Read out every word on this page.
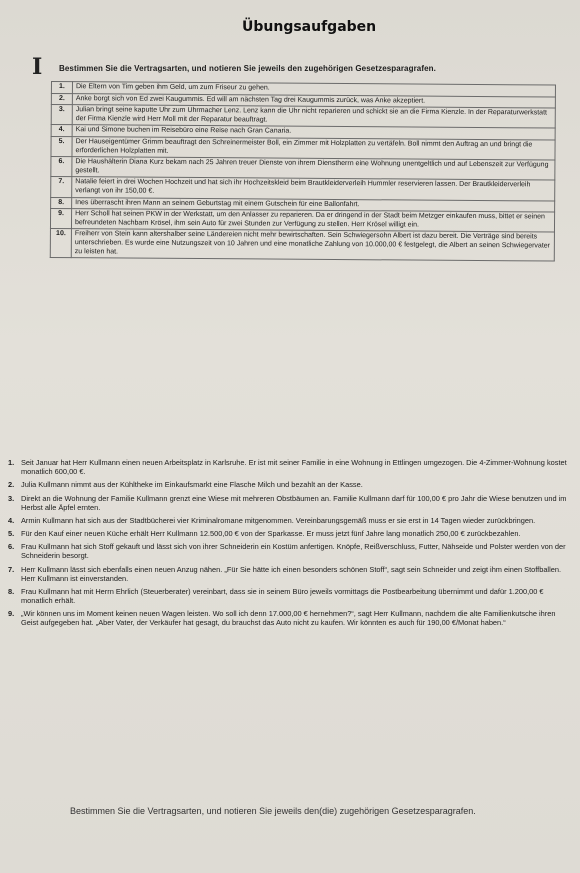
Übungsaufgaben
I Bestimmen Sie die Vertragsarten, und notieren Sie jeweils den zugehörigen Gesetzesparagrafen.
1.	Die Eltern von Tim geben ihm Geld, um zum Friseur zu gehen.
2.	Anke borgt sich von Ed zwei Kaugummis. Ed will am nächsten Tag drei Kaugummis zurück, was Anke akzeptiert.
3.	Julian bringt seine kaputte Uhr zum Uhrmacher Lenz. Lenz kann die Uhr nicht reparieren und schickt sie an die Firma Kienzle. In der Reparaturwerkstatt der Firma Kienzle wird Herr Moll mit der Reparatur beauftragt.
4.	Kai und Simone buchen im Reisebüro eine Reise nach Gran Canaria.
5.	Der Hauseigentümer Grimm beauftragt den Schreinermeister Boll, ein Zimmer mit Holzplatten zu vertäfeln. Boll nimmt den Auftrag an und bringt die erforderlichen Holzplatten mit.
6.	Die Haushälterin Diana Kurz bekam nach 25 Jahren treuer Dienste von ihrem Dienstherrn eine Wohnung unentgeltlich und auf Lebenszeit zur Verfügung gestellt.
7.	Natalie feiert in drei Wochen Hochzeit und hat sich ihr Hochzeitskleid beim Brautkleiderverleih Hummler reservieren lassen. Der Brautkleiderverleih verlangt von ihr 150,00 €.
8.	Ines überrascht ihren Mann an seinem Geburtstag mit einem Gutschein für eine Ballonfahrt.
9.	Herr Scholl hat seinen PKW in der Werkstatt, um den Anlasser zu reparieren. Da er dringend in der Stadt beim Metzger einkaufen muss, bittet er seinen befreundeten Nachbarn Krösel, ihm sein Auto für zwei Stunden zur Verfügung zu stellen. Herr Krösel willigt ein.
10.	Freiherr von Stein kann altershalber seine Ländereien nicht mehr bewirtschaften. Sein Schwiegersohn Albert ist dazu bereit. Die Verträge sind bereits unterschrieben. Es wurde eine Nutzungszeit von 10 Jahren und eine monatliche Zahlung von 10.000,00 € festgelegt, die Albert an seinen Schwiegervater zu leisten hat.
1. Seit Januar hat Herr Kullmann einen neuen Arbeitsplatz in Karlsruhe. Er ist mit seiner Familie in eine Wohnung in Ettlingen umgezogen. Die 4-Zimmer-Wohnung kostet monatlich 600,00 €.
2. Julia Kullmann nimmt aus der Kühltheke im Einkaufsmarkt eine Flasche Milch und bezahlt an der Kasse.
3. Direkt an die Wohnung der Familie Kullmann grenzt eine Wiese mit mehreren Obstbäumen an. Familie Kullmann darf für 100,00 € pro Jahr die Wiese benutzen und im Herbst alle Äpfel ernten.
4. Armin Kullmann hat sich aus der Stadtbücherei vier Kriminalromane mitgenommen. Vereinbarungsgemäß muss er sie erst in 14 Tagen wieder zurückbringen.
5. Für den Kauf einer neuen Küche erhält Herr Kullmann 12.500,00 € von der Sparkasse. Er muss jetzt fünf Jahre lang monatlich 250,00 € zurückbezahlen.
6. Frau Kullmann hat sich Stoff gekauft und lässt sich von ihrer Schneiderin ein Kostüm anfertigen. Knöpfe, Reißverschluss, Futter, Nähseide und Polster werden von der Schneiderin besorgt.
7. Herr Kullmann lässt sich ebenfalls einen neuen Anzug nähen. „Für Sie hätte ich einen besonders schönen Stoff“, sagt sein Schneider und zeigt ihm einen Stoffballen. Herr Kullmann ist einverstanden.
8. Frau Kullmann hat mit Herrn Ehrlich (Steuerberater) vereinbart, dass sie in seinem Büro jeweils vormittags die Postbearbeitung übernimmt und dafür 1.200,00 € monatlich erhält.
9. „Wir können uns im Moment keinen neuen Wagen leisten. Wo soll ich denn 17.000,00 € hernehmen?“, sagt Herr Kullmann, nachdem die alte Familienkutsche ihren Geist aufgegeben hat. „Aber Vater, der Verkäufer hat gesagt, du brauchst das Auto nicht zu kaufen. Wir könnten es auch für 190,00 €/Monat haben.“
Bestimmen Sie die Vertragsarten, und notieren Sie jeweils den(die) zugehörigen Gesetzesparagrafen.
